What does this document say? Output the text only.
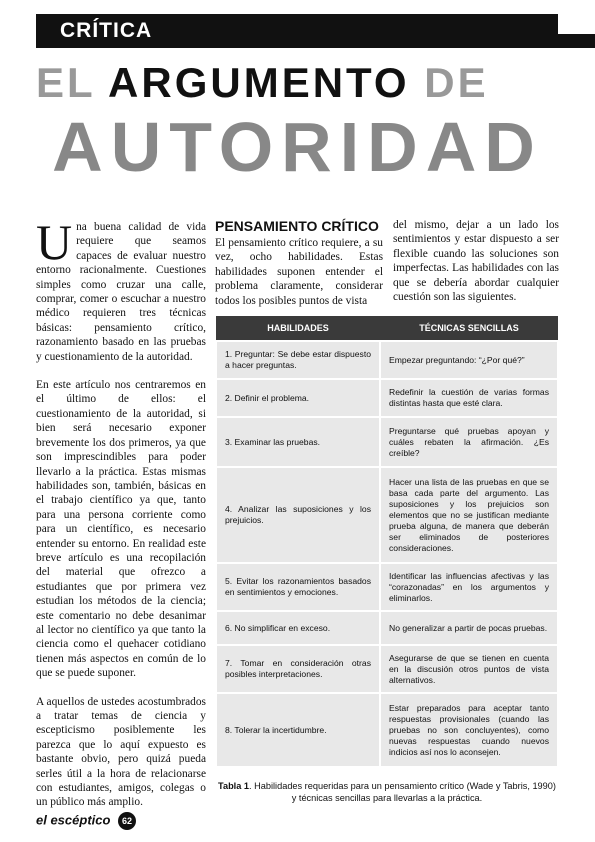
CRÍTICA
EL ARGUMENTO DE
AUTORIDAD

Una buena calidad de vida requiere que seamos capaces de evaluar nuestro entorno racionalmente. Cuestiones simples como cruzar una calle, comprar, comer o escuchar a nuestro médico requieren tres técnicas básicas: pensamiento crítico, razonamiento basado en las pruebas y cuestionamiento de la autoridad.

En este artículo nos centraremos en el último de ellos: el cuestionamiento de la autoridad, si bien será necesario exponer brevemente los dos primeros, ya que son imprescindibles para poder llevarlo a la práctica. Estas mismas habilidades son, también, básicas en el trabajo científico ya que, tanto para una persona corriente como para un científico, es necesario entender su entorno. En realidad este breve artículo es una recopilación del material que ofrezco a estudiantes que por primera vez estudian los métodos de la ciencia; este comentario no debe desanimar al lector no científico ya que tanto la ciencia como el quehacer cotidiano tienen más aspectos en común de lo que se puede suponer.

A aquellos de ustedes acostumbrados a tratar temas de ciencia y escepticismo posiblemente les parezca que lo aquí expuesto es bastante obvio, pero quizá pueda serles útil a la hora de relacionarse con estudiantes, amigos, colegas o un público más amplio.

PENSAMIENTO CRÍTICO

El pensamiento crítico requiere, a su vez, ocho habilidades. Estas habilidades suponen entender el problema claramente, considerar todos los posibles puntos de vista

del mismo, dejar a un lado los sentimientos y estar dispuesto a ser flexible cuando las soluciones son imperfectas. Las habilidades con las que se debería abordar cualquier cuestión son las siguientes.

HABILIDADES	TÉCNICAS SENCILLAS
1. Preguntar: Se debe estar dispuesto a hacer preguntas.	Empezar preguntando: “¿Por qué?”
2. Definir el problema.	Redefinir la cuestión de varias formas distintas hasta que esté clara.
3. Examinar las pruebas.	Preguntarse qué pruebas apoyan y cuáles rebaten la afirmación. ¿Es creíble?
4. Analizar las suposiciones y los prejuicios.	Hacer una lista de las pruebas en que se basa cada parte del argumento. Las suposiciones y los prejuicios son elementos que no se justifican mediante prueba alguna, de manera que deberán ser eliminados de posteriores consideraciones.
5. Evitar los razonamientos basados en sentimientos y emociones.	Identificar las influencias afectivas y las “corazonadas” en los argumentos y eliminarlos.
6. No simplificar en exceso.	No generalizar a partir de pocas pruebas.
7. Tomar en consideración otras posibles interpretaciones.	Asegurarse de que se tienen en cuenta en la discusión otros puntos de vista alternativos.
8. Tolerar la incertidumbre.	Estar preparados para aceptar tanto respuestas provisionales (cuando las pruebas no son concluyentes), como nuevas respuestas cuando nuevos indicios así nos lo aconsejen.
Tabla 1. Habilidades requeridas para un pensamiento crítico (Wade y Tabris, 1990) y técnicas sencillas para llevarlas a la práctica.
el escéptico 62
